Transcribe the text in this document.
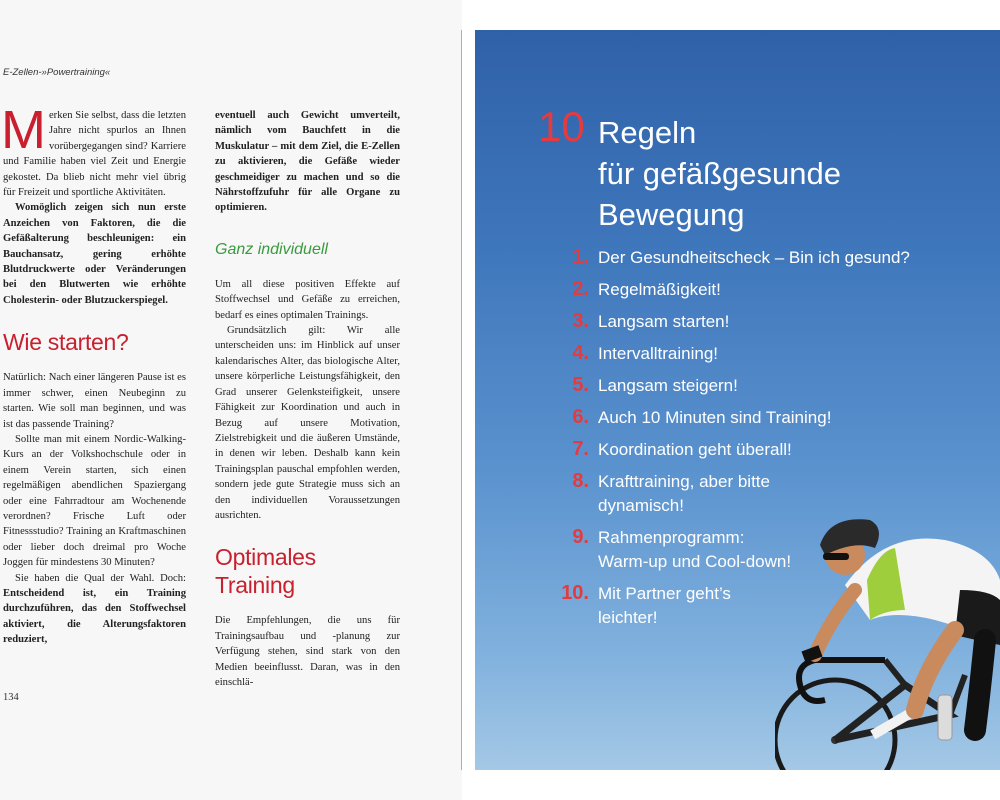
E-Zellen-»Powertraining«

Merken Sie selbst, dass die letzten Jahre nicht spurlos an Ihnen vorübergegangen sind? Karriere und Familie haben viel Zeit und Energie gekostet. Da blieb nicht mehr viel übrig für Freizeit und sportliche Aktivitäten.

Womöglich zeigen sich nun erste Anzeichen von Faktoren, die die Gefäßalterung beschleunigen: ein Bauchansatz, gering erhöhte Blutdruckwerte oder Veränderungen bei den Blutwerten wie erhöhte Cholesterin- oder Blutzuckerspiegel.

Wie starten?

Natürlich: Nach einer längeren Pause ist es immer schwer, einen Neubeginn zu starten. Wie soll man beginnen, und was ist das passende Training?

Sollte man mit einem Nordic-Walking-Kurs an der Volkshochschule oder in einem Verein starten, sich einen regelmäßigen abendlichen Spaziergang oder eine Fahrradtour am Wochenende verordnen? Frische Luft oder Fitnessstudio? Training an Kraftmaschinen oder lieber doch dreimal pro Woche Joggen für mindestens 30 Minuten?

Sie haben die Qual der Wahl. Doch: Entscheidend ist, ein Training durchzuführen, das den Stoffwechsel aktiviert, die Alterungsfaktoren reduziert,

eventuell auch Gewicht umverteilt, nämlich vom Bauchfett in die Muskulatur – mit dem Ziel, die E-Zellen zu aktivieren, die Gefäße wieder geschmeidiger zu machen und so die Nährstoffzufuhr für alle Organe zu optimieren.

Ganz individuell

Um all diese positiven Effekte auf Stoffwechsel und Gefäße zu erreichen, bedarf es eines optimalen Trainings.

Grundsätzlich gilt: Wir alle unterscheiden uns: im Hinblick auf unser kalendarisches Alter, das biologische Alter, unsere körperliche Leistungsfähigkeit, den Grad unserer Gelenksteifigkeit, unsere Fähigkeit zur Koordination und auch in Bezug auf unsere Motivation, Zielstrebigkeit und die äußeren Umstände, in denen wir leben. Deshalb kann kein Trainingsplan pauschal empfohlen werden, sondern jede gute Strategie muss sich an den individuellen Voraussetzungen ausrichten.

Optimales Training

Die Empfehlungen, die uns für Trainingsaufbau und -planung zur Verfügung stehen, sind stark von den Medien beeinflusst. Daran, was in den einschlä-

134
10 Regeln
für gefäßgesunde
Bewegung
1. Der Gesundheitscheck – Bin ich gesund?
2. Regelmäßigkeit!
3. Langsam starten!
4. Intervalltraining!
5. Langsam steigern!
6. Auch 10 Minuten sind Training!
7. Koordination geht überall!
8. Krafttraining, aber bitte
dynamisch!
9. Rahmenprogramm:
Warm-up und Cool-down!
10. Mit Partner geht’s
leichter!
